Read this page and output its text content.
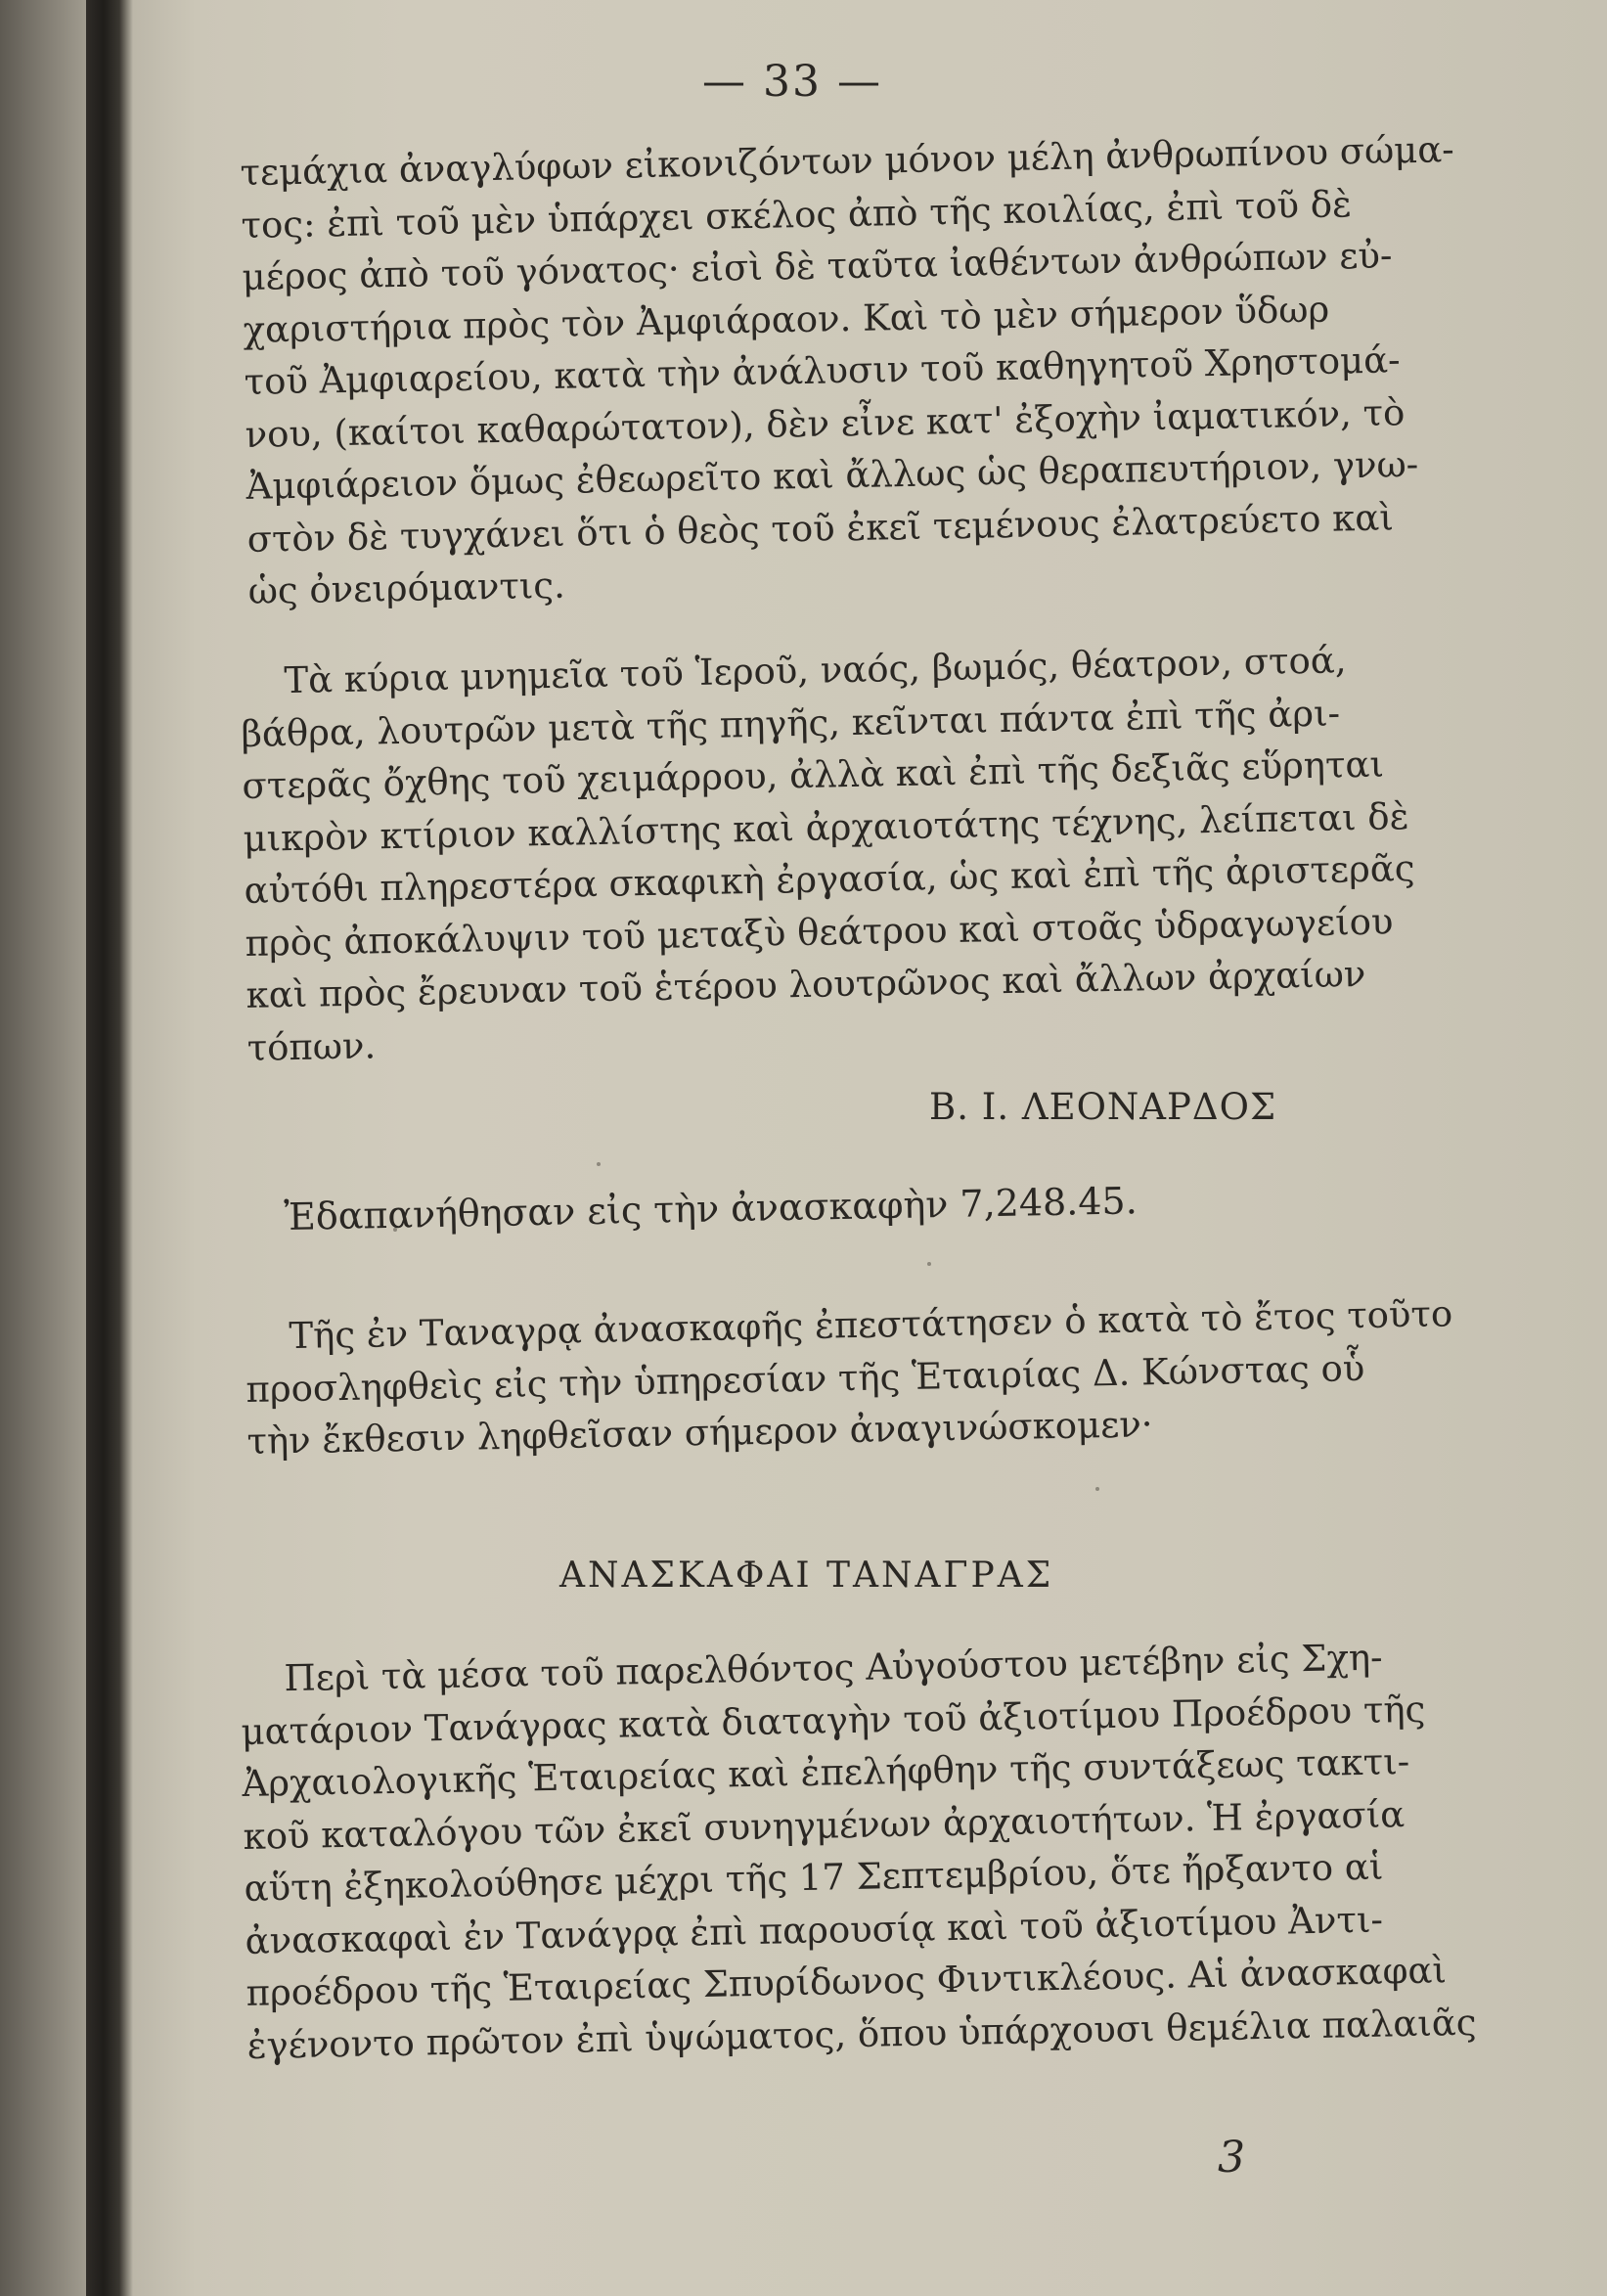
— 33 —
τεμάχια ἀναγλύφων εἰκονιζόντων μόνον μέλη ἀνθρωπίνου σώμα-
τος: ἐπὶ τοῦ μὲν ὑπάρχει σκέλος ἀπὸ τῆς κοιλίας, ἐπὶ τοῦ δὲ
μέρος ἀπὸ τοῦ γόνατος· εἰσὶ δὲ ταῦτα ἰαθέντων ἀνθρώπων εὐ-
χαριστήρια πρὸς τὸν Ἀμφιάραον. Καὶ τὸ μὲν σήμερον ὕδωρ
τοῦ Ἀμφιαρείου, κατὰ τὴν ἀνάλυσιν τοῦ καθηγητοῦ Χρηστομά-
νου, (καίτοι καθαρώτατον), δὲν εἶνε κατ' ἐξοχὴν ἰαματικόν, τὸ
Ἀμφιάρειον ὅμως ἐθεωρεῖτο καὶ ἄλλως ὡς θεραπευτήριον, γνω-
στὸν δὲ τυγχάνει ὅτι ὁ θεὸς τοῦ ἐκεῖ τεμένους ἐλατρεύετο καὶ
ὡς ὀνειρόμαντις.
Τὰ κύρια μνημεῖα τοῦ Ἱεροῦ, ναός, βωμός, θέατρον, στοά,
βάθρα, λουτρῶν μετὰ τῆς πηγῆς, κεῖνται πάντα ἐπὶ τῆς ἀρι-
στερᾶς ὄχθης τοῦ χειμάρρου, ἀλλὰ καὶ ἐπὶ τῆς δεξιᾶς εὕρηται
μικρὸν κτίριον καλλίστης καὶ ἀρχαιοτάτης τέχνης, λείπεται δὲ
αὐτόθι πληρεστέρα σκαφικὴ ἐργασία, ὡς καὶ ἐπὶ τῆς ἀριστερᾶς
πρὸς ἀποκάλυψιν τοῦ μεταξὺ θεάτρου καὶ στοᾶς ὑδραγωγείου
καὶ πρὸς ἔρευναν τοῦ ἑτέρου λουτρῶνος καὶ ἄλλων ἀρχαίων
τόπων.
Β. Ι. ΛΕΟΝΑΡΔΟΣ
Ἐδαπανήθησαν εἰς τὴν ἀνασκαφὴν 7,248.45.
Τῆς ἐν Ταναγρᾳ ἀνασκαφῆς ἐπεστάτησεν ὁ κατὰ τὸ ἔτος τοῦτο
προσληφθεὶς εἰς τὴν ὑπηρεσίαν τῆς Ἑταιρίας Δ. Κώνστας οὗ
τὴν ἔκθεσιν ληφθεῖσαν σήμερον ἀναγινώσκομεν·
ΑΝΑΣΚΑΦΑΙ ΤΑΝΑΓΡΑΣ
Περὶ τὰ μέσα τοῦ παρελθόντος Αὐγούστου μετέβην εἰς Σχη-
ματάριον Τανάγρας κατὰ διαταγὴν τοῦ ἀξιοτίμου Προέδρου τῆς
Ἀρχαιολογικῆς Ἑταιρείας καὶ ἐπελήφθην τῆς συντάξεως τακτι-
κοῦ καταλόγου τῶν ἐκεῖ συνηγμένων ἀρχαιοτήτων. Ἡ ἐργασία
αὕτη ἐξηκολούθησε μέχρι τῆς 17 Σεπτεμβρίου, ὅτε ἤρξαντο αἱ
ἀνασκαφαὶ ἐν Τανάγρᾳ ἐπὶ παρουσίᾳ καὶ τοῦ ἀξιοτίμου Ἀντι-
προέδρου τῆς Ἑταιρείας Σπυρίδωνος Φιντικλέους. Αἱ ἀνασκαφαὶ
ἐγένοντο πρῶτον ἐπὶ ὑψώματος, ὅπου ὑπάρχουσι θεμέλια παλαιᾶς
3
